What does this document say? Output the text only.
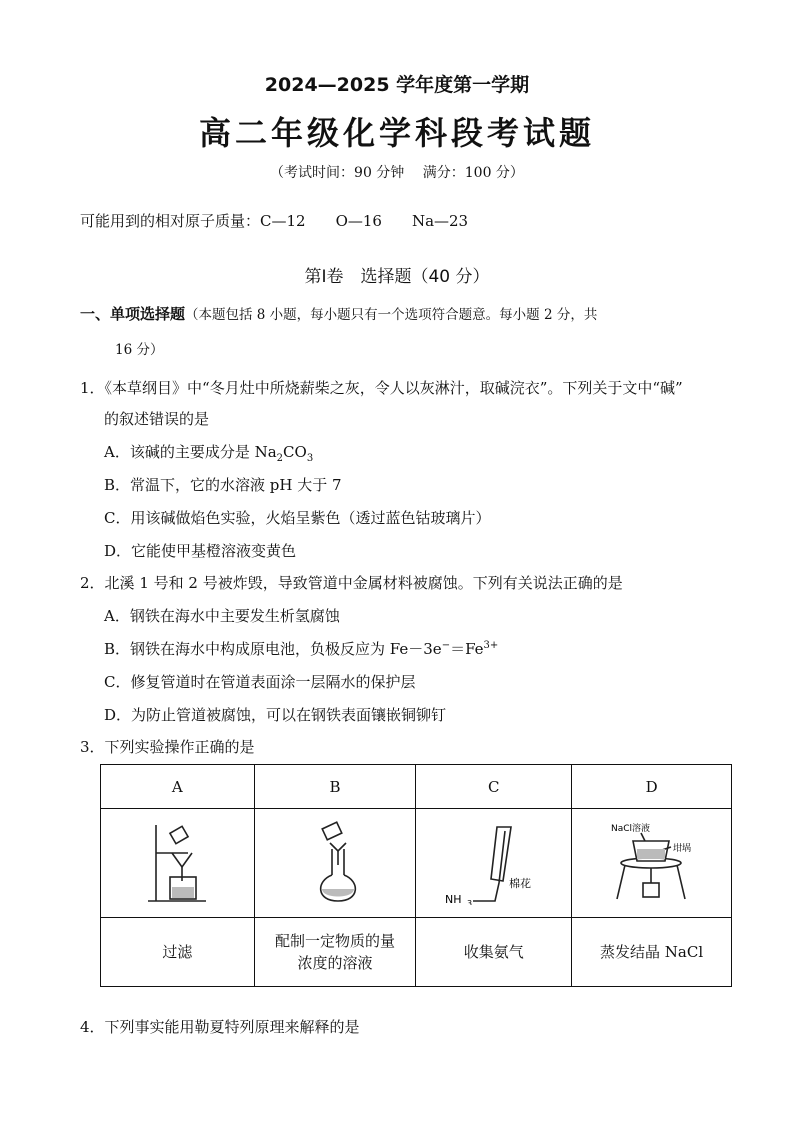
2024—2025 学年度第一学期
高二年级化学科段考试题
（考试时间：90 分钟　 满分：100 分）
可能用到的相对原子质量：C—12　　O—16　　Na—23
第Ⅰ卷　选择题（40 分）
一、单项选择题（本题包括 8 小题，每小题只有一个选项符合题意。每小题 2 分，共
16 分）
1．《本草纲目》中“冬月灶中所烧薪柴之灰，令人以灰淋汁，取碱浣衣”。下列关于文中“碱”
的叙述错误的是
A．该碱的主要成分是 $Na_2CO_3$
B．常温下，它的水溶液 pH 大于 7
C．用该碱做焰色实验，火焰呈紫色（透过蓝色钴玻璃片）
D．它能使甲基橙溶液变黄色
2．北溪 1 号和 2 号被炸毁，导致管道中金属材料被腐蚀。下列有关说法正确的是
A．钢铁在海水中主要发生析氢腐蚀
B．钢铁在海水中构成原电池，负极反应为 $Fe-3e^-=Fe^{3+}$
C．修复管道时在管道表面涂一层隔水的保护层
D．为防止管道被腐蚀，可以在钢铁表面镶嵌铜铆钉
3．下列实验操作正确的是
A	B	C	D

NH 3
棉花	NaCl溶液
坩埚

过滤	配制一定物质的量
浓度的溶液	收集氨气	蒸发结晶 NaCl
4．下列事实能用勒夏特列原理来解释的是
